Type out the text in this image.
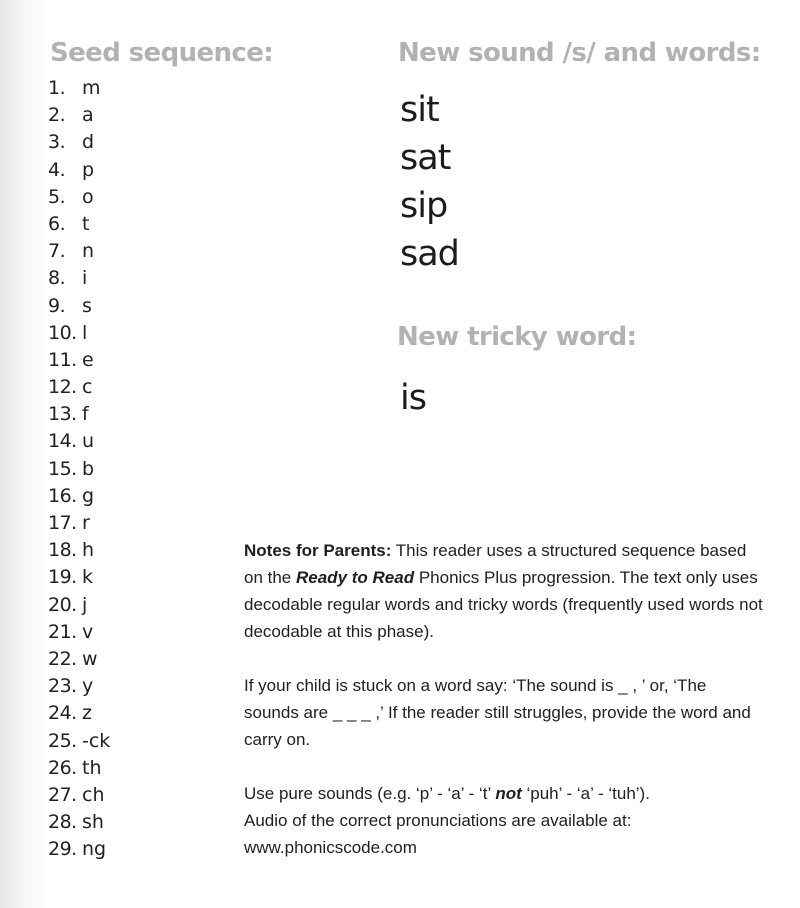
Seed sequence:
1. m
2. a
3. d
4. p
5. o
6. t
7. n
8. i
9. s
10. l
11. e
12. c
13. f
14. u
15. b
16. g
17. r
18. h
19. k
20. j
21. v
22. w
23. y
24. z
25. -ck
26. th
27. ch
28. sh
29. ng
New sound /s/ and words:
sit
sat
sip
sad
New tricky word:
is

Notes for Parents: This reader uses a structured sequence based on the Ready to Read Phonics Plus progression. The text only uses decodable regular words and tricky words (frequently used words not decodable at this phase).

If your child is stuck on a word say: ‘The sound is _ , ’ or, ‘The sounds are _ _ _ ,’ If the reader still struggles, provide the word and carry on.

Use pure sounds (e.g. ‘p’ - ‘a’ - ‘t’ not ‘puh’ - ‘a’ - ‘tuh’).
Audio of the correct pronunciations are available at:
www.phonicscode.com
